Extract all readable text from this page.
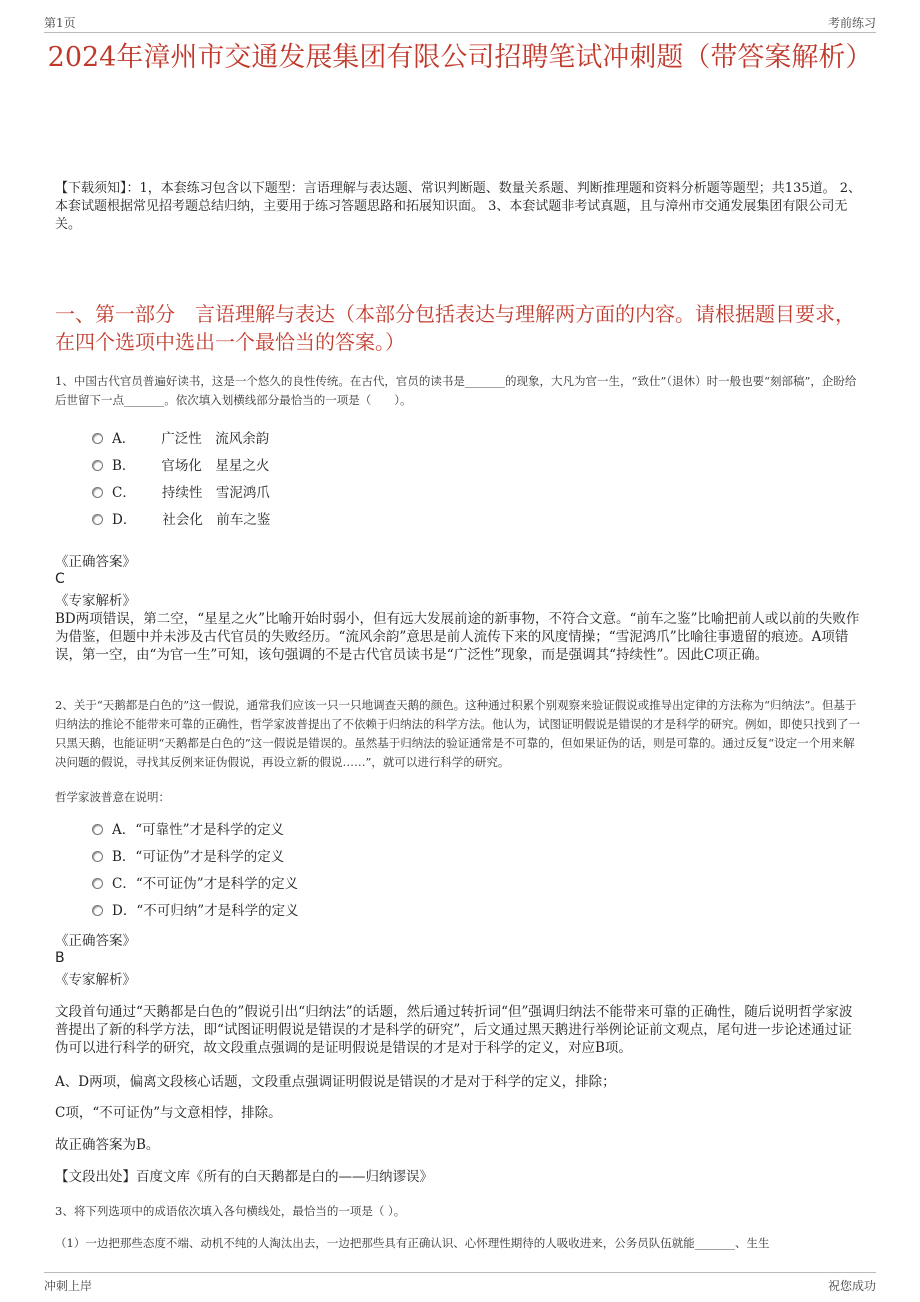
第1页	考前练习
2024年漳州市交通发展集团有限公司招聘笔试冲刺题（带答案解析）
【下载须知】：1，本套练习包含以下题型：言语理解与表达题、常识判断题、数量关系题、判断推理题和资料分析题等题型；共135道。 2、本套试题根据常见招考题总结归纳，主要用于练习答题思路和拓展知识面。 3、本套试题非考试真题，且与漳州市交通发展集团有限公司无关。
一、第一部分　言语理解与表达（本部分包括表达与理解两方面的内容。请根据题目要求，在四个选项中选出一个最恰当的答案。）
1、中国古代官员普遍好读书，这是一个悠久的良性传统。在古代，官员的读书是_______的现象，大凡为官一生，“致仕”（退休）时一般也要“刻部稿”，企盼给后世留下一点_______。依次填入划横线部分最恰当的一项是（　　）。
A． 广泛性　流风余韵
B． 官场化　星星之火
C． 持续性　雪泥鸿爪
D． 社会化　前车之鉴
《正确答案》
C
《专家解析》
BD两项错误，第二空，“星星之火”比喻开始时弱小，但有远大发展前途的新事物，不符合文意。“前车之鉴”比喻把前人或以前的失败作为借鉴，但题中并未涉及古代官员的失败经历。“流风余韵”意思是前人流传下来的风度情操；“雪泥鸿爪”比喻往事遗留的痕迹。A项错误，第一空，由“为官一生”可知，该句强调的不是古代官员读书是“广泛性”现象，而是强调其“持续性”。因此C项正确。
2、关于“天鹅都是白色的”这一假说，通常我们应该一只一只地调查天鹅的颜色。这种通过积累个别观察来验证假说或推导出定律的方法称为“归纳法”。但基于归纳法的推论不能带来可靠的正确性，哲学家波普提出了不依赖于归纳法的科学方法。他认为，试图证明假说是错误的才是科学的研究。例如，即使只找到了一只黑天鹅，也能证明“天鹅都是白色的”这一假说是错误的。虽然基于归纳法的验证通常是不可靠的，但如果证伪的话，则是可靠的。通过反复“设定一个用来解决问题的假说，寻找其反例来证伪假说，再设立新的假说……”，就可以进行科学的研究。
哲学家波普意在说明：
A．“可靠性”才是科学的定义
B．“可证伪”才是科学的定义
C．“不可证伪”才是科学的定义
D．“不可归纳”才是科学的定义
《正确答案》
B
《专家解析》
文段首句通过“天鹅都是白色的”假说引出“归纳法”的话题，然后通过转折词“但”强调归纳法不能带来可靠的正确性，随后说明哲学家波普提出了新的科学方法，即“试图证明假说是错误的才是科学的研究”，后文通过黑天鹅进行举例论证前文观点，尾句进一步论述通过证伪可以进行科学的研究，故文段重点强调的是证明假说是错误的才是对于科学的定义，对应B项。
A、D两项，偏离文段核心话题，文段重点强调证明假说是错误的才是对于科学的定义，排除；
C项，“不可证伪”与文意相悖，排除。
故正确答案为B。
【文段出处】百度文库《所有的白天鹅都是白的——归纳谬误》
3、将下列选项中的成语依次填入各句横线处，最恰当的一项是（ ）。
（1）一边把那些态度不端、动机不纯的人淘汰出去，一边把那些具有正确认识、心怀理性期待的人吸收进来，公务员队伍就能_______、生生
冲刺上岸	祝您成功
